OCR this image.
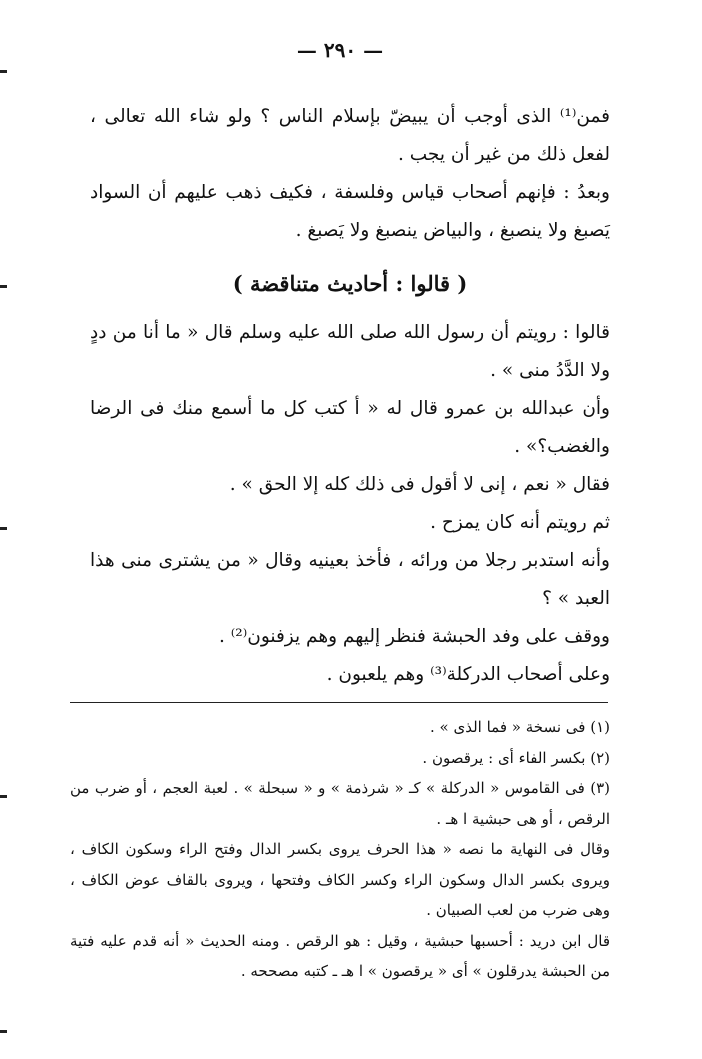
— ٢٩٠ —

فمن⁽¹⁾ الذى أوجب أن يبيضّ بإسلام الناس ؟ ولو شاء الله تعالى ، لفعل ذلك من غير أن يجب .

وبعدُ : فإنهم أصحاب قياس وفلسفة ، فكيف ذهب عليهم أن السواد يَصبغ ولا ينصبغ ، والبياض ينصبغ ولا يَصبغ .

( قالوا : أحاديث متناقضة )

قالوا : رويتم أن رسول الله صلى الله عليه وسلم قال « ما أنا من ددٍ ولا الدَّدُ منى » .

وأن عبدالله بن عمرو قال له « أ كتب كل ما أسمع منك فى الرضا والغضب؟» .

فقال « نعم ، إنى لا أقول فى ذلك كله إلا الحق » .

ثم رويتم أنه كان يمزح .

وأنه استدبر رجلا من ورائه ، فأخذ بعينيه وقال « من يشترى منى هذا العبد » ؟

ووقف على وفد الحبشة فنظر إليهم وهم يزفنون⁽²⁾ .

وعلى أصحاب الدركلة⁽³⁾ وهم يلعبون .

(١) فى نسخة « فما الذى » .

(٢) بكسر الفاء أى : يرقصون .

(٣) فى القاموس « الدركلة » كـ « شرذمة » و « سبحلة » . لعبة العجم ، أو ضرب من الرقص ، أو هى حبشية ا هـ .

وقال فى النهاية ما نصه « هذا الحرف يروى بكسر الدال وفتح الراء وسكون الكاف ، ويروى بكسر الدال وسكون الراء وكسر الكاف وفتحها ، ويروى بالقاف عوض الكاف ، وهى ضرب من لعب الصبيان .

قال ابن دريد : أحسبها حبشية ، وقيل : هو الرقص . ومنه الحديث « أنه قدم عليه فتية من الحبشة يدرقلون » أى « يرقصون » ا هـ ـ كتبه مصححه .
